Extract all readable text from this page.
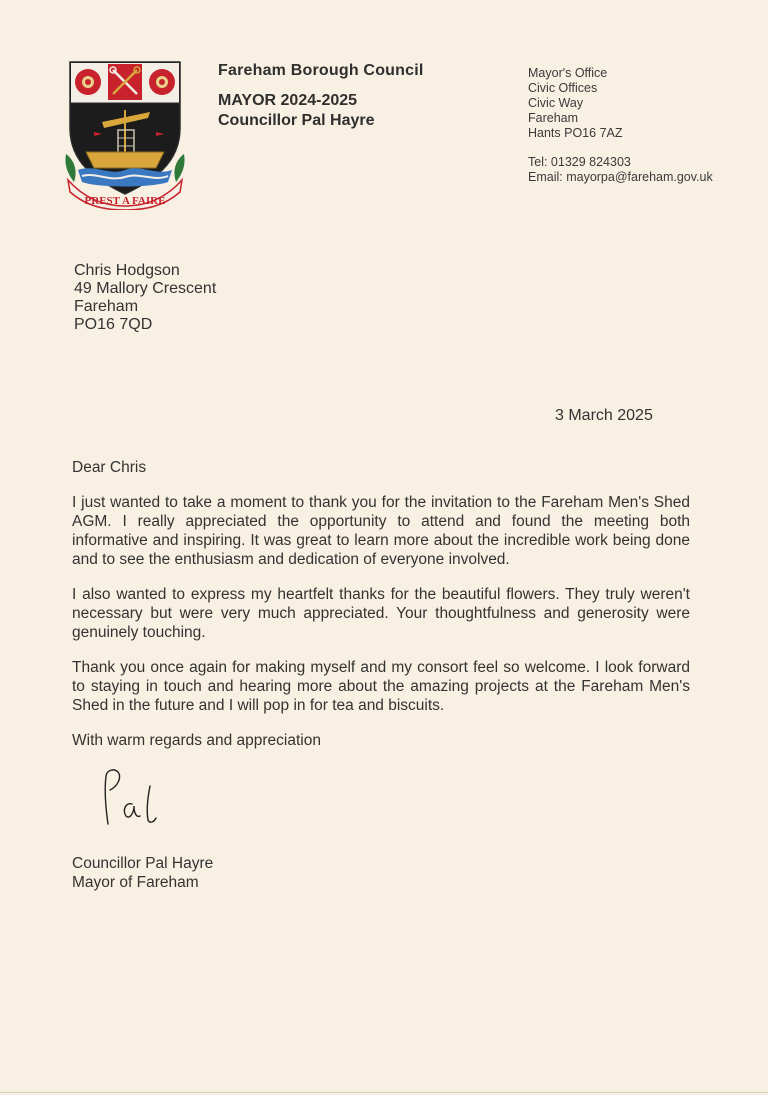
PREST A FAIRE
Fareham Borough Council
MAYOR 2024-2025
Councillor Pal Hayre
Mayor's Office
Civic Offices
Civic Way
Fareham
Hants PO16 7AZ
Tel: 01329 824303
Email: mayorpa@fareham.gov.uk
Chris Hodgson
49 Mallory Crescent
Fareham
PO16 7QD
3 March 2025

Dear Chris

I just wanted to take a moment to thank you for the invitation to the Fareham Men's Shed AGM. I really appreciated the opportunity to attend and found the meeting both informative and inspiring. It was great to learn more about the incredible work being done and to see the enthusiasm and dedication of everyone involved.

I also wanted to express my heartfelt thanks for the beautiful flowers. They truly weren't necessary but were very much appreciated. Your thoughtfulness and generosity were genuinely touching.

Thank you once again for making myself and my consort feel so welcome. I look forward to staying in touch and hearing more about the amazing projects at the Fareham Men's Shed in the future and I will pop in for tea and biscuits.

With warm regards and appreciation

Councillor Pal Hayre
Mayor of Fareham
